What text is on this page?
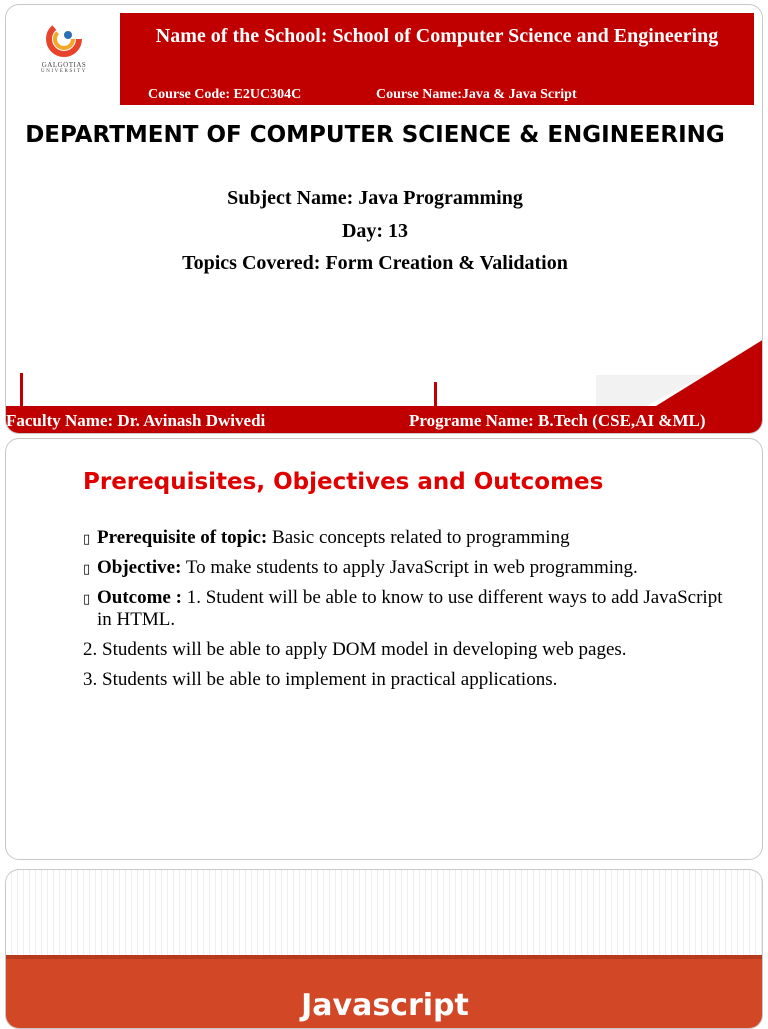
GALGOTIAS
UNIVERSITY
Name of the School: School of Computer Science and Engineering
Course Code: E2UC304C	Course Name:Java & Java Script
DEPARTMENT OF COMPUTER SCIENCE & ENGINEERING
Subject Name: Java Programming
Day: 13
Topics Covered: Form Creation & Validation
Faculty Name: Dr. Avinash Dwivedi	Programe Name: B.Tech (CSE,AI &ML)
Prerequisites, Objectives and Outcomes
▯ Prerequisite of topic: Basic concepts related to programming
▯ Objective: To make students to apply JavaScript in web programming.
▯ Outcome : 1. Student will be able to know to use different ways to add JavaScript in HTML.
2. Students will be able to apply DOM model in developing web pages.
3. Students will be able to implement in practical applications.
Javascript
